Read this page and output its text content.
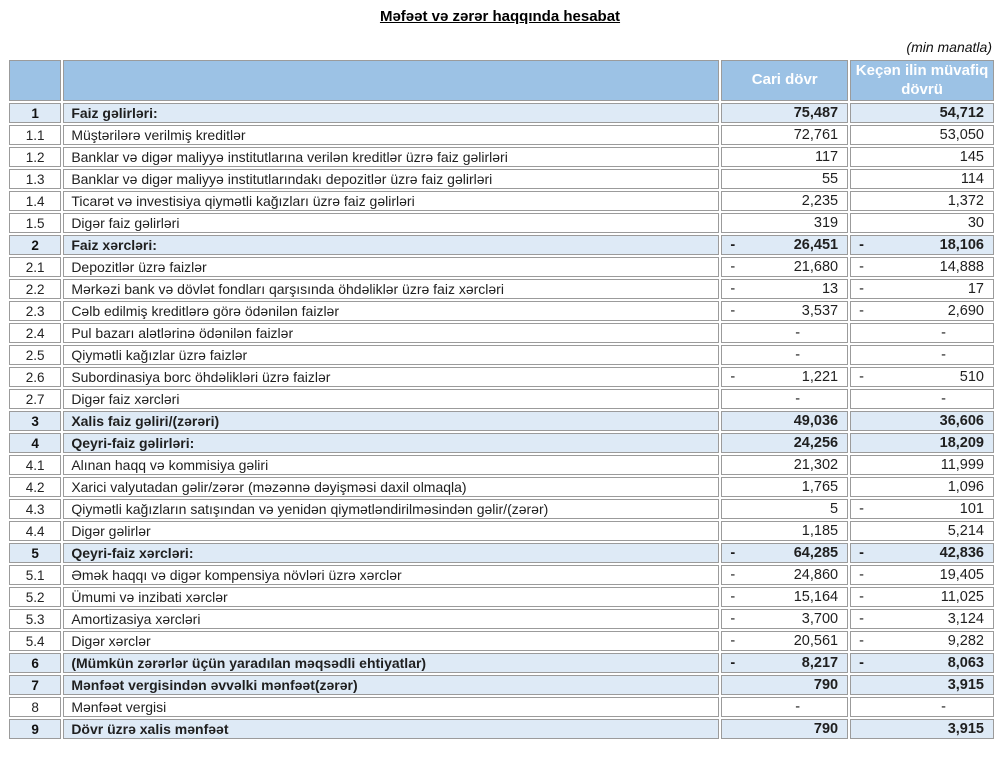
Məfəət və zərər haqqında hesabat
(min manatla)
		Cari dövr	Keçən ilin müvafiq dövrü
1	Faiz gəlirləri:	75,487	54,712
1.1	Müştərilərə verilmiş kreditlər	72,761	53,050
1.2	Banklar və digər maliyyə institutlarına verilən kreditlər üzrə faiz gəlirləri	117	145
1.3	Banklar və digər maliyyə institutlarındakı depozitlər üzrə faiz gəlirləri	55	114
1.4	Ticarət və investisiya qiymətli kağızları üzrə faiz gəlirləri	2,235	1,372
1.5	Digər faiz gəlirləri	319	30
2	Faiz xərcləri:	- 26,451	- 18,106
2.1	Depozitlər üzrə faizlər	- 21,680	- 14,888
2.2	Mərkəzi bank və dövlət fondları qarşısında öhdəliklər üzrə faiz xərcləri	- 13	- 17
2.3	Cəlb edilmiş kreditlərə görə ödənilən faizlər	- 3,537	- 2,690
2.4	Pul bazarı alətlərinə ödənilən faizlər	-	-
2.5	Qiymətli kağızlar üzrə faizlər	-	-
2.6	Subordinasiya borc öhdəlikləri üzrə faizlər	- 1,221	- 510
2.7	Digər faiz xərcləri	-	-
3	Xalis faiz gəliri/(zərəri)	49,036	36,606
4	Qeyri-faiz gəlirləri:	24,256	18,209
4.1	Alınan haqq və kommisiya gəliri	21,302	11,999
4.2	Xarici valyutadan gəlir/zərər (məzənnə dəyişməsi daxil olmaqla)	1,765	1,096
4.3	Qiymətli kağızların satışından və yenidən qiymətləndirilməsindən gəlir/(zərər)	5	- 101
4.4	Digər gəlirlər	1,185	5,214
5	Qeyri-faiz xərcləri:	- 64,285	- 42,836
5.1	Əmək haqqı və digər kompensiya növləri üzrə xərclər	- 24,860	- 19,405
5.2	Ümumi və inzibati xərclər	- 15,164	- 11,025
5.3	Amortizasiya xərcləri	- 3,700	- 3,124
5.4	Digər xərclər	- 20,561	- 9,282
6	(Mümkün zərərlər üçün yaradılan məqsədli ehtiyatlar)	- 8,217	- 8,063
7	Mənfəət vergisindən əvvəlki mənfəət(zərər)	790	3,915
8	Mənfəət vergisi	-	-
9	Dövr üzrə xalis mənfəət	790	3,915
